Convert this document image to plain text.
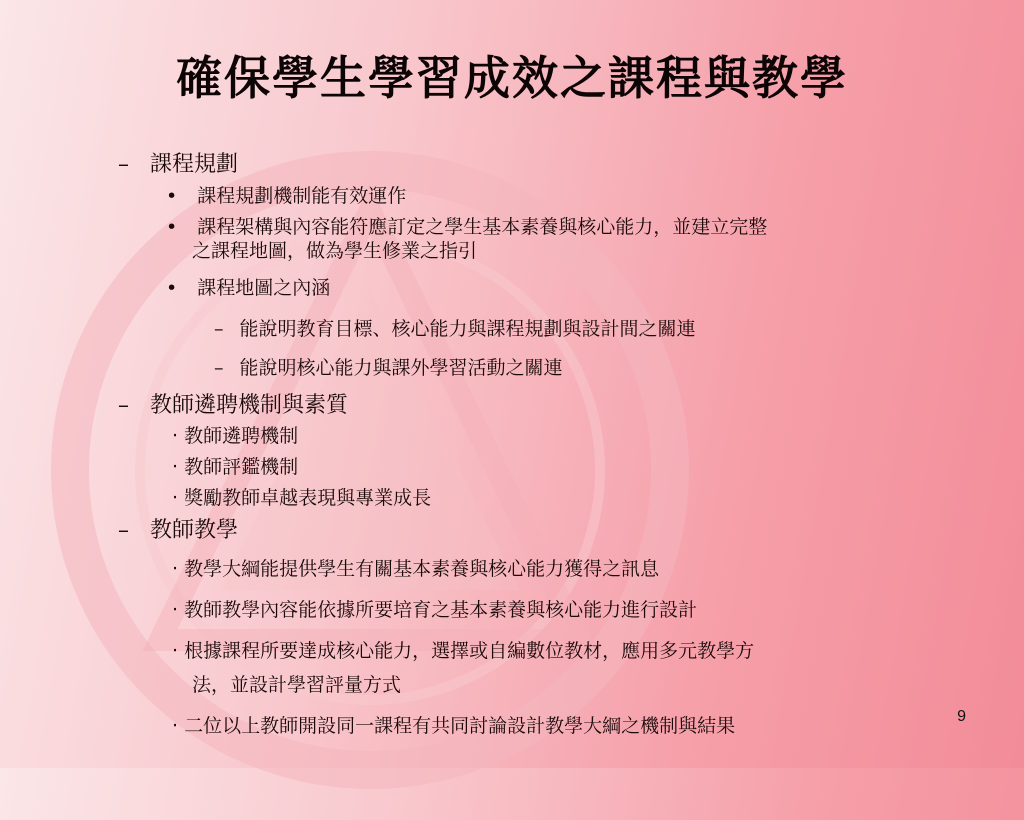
確保學生學習成效之課程與教學
– 課程規劃
• 課程規劃機制能有效運作
• 課程架構與內容能符應訂定之學生基本素養與核心能力，並建立完整
之課程地圖，做為學生修業之指引
• 課程地圖之內涵
– 能說明教育目標、核心能力與課程規劃與設計間之關連
– 能說明核心能力與課外學習活動之關連
– 教師遴聘機制與素質
‧ 教師遴聘機制
‧ 教師評鑑機制
‧ 獎勵教師卓越表現與專業成長
– 教師教學
‧ 教學大綱能提供學生有關基本素養與核心能力獲得之訊息
‧ 教師教學內容能依據所要培育之基本素養與核心能力進行設計
‧ 根據課程所要達成核心能力，選擇或自編數位教材，應用多元教學方
法，並設計學習評量方式
‧ 二位以上教師開設同一課程有共同討論設計教學大綱之機制與結果	9
